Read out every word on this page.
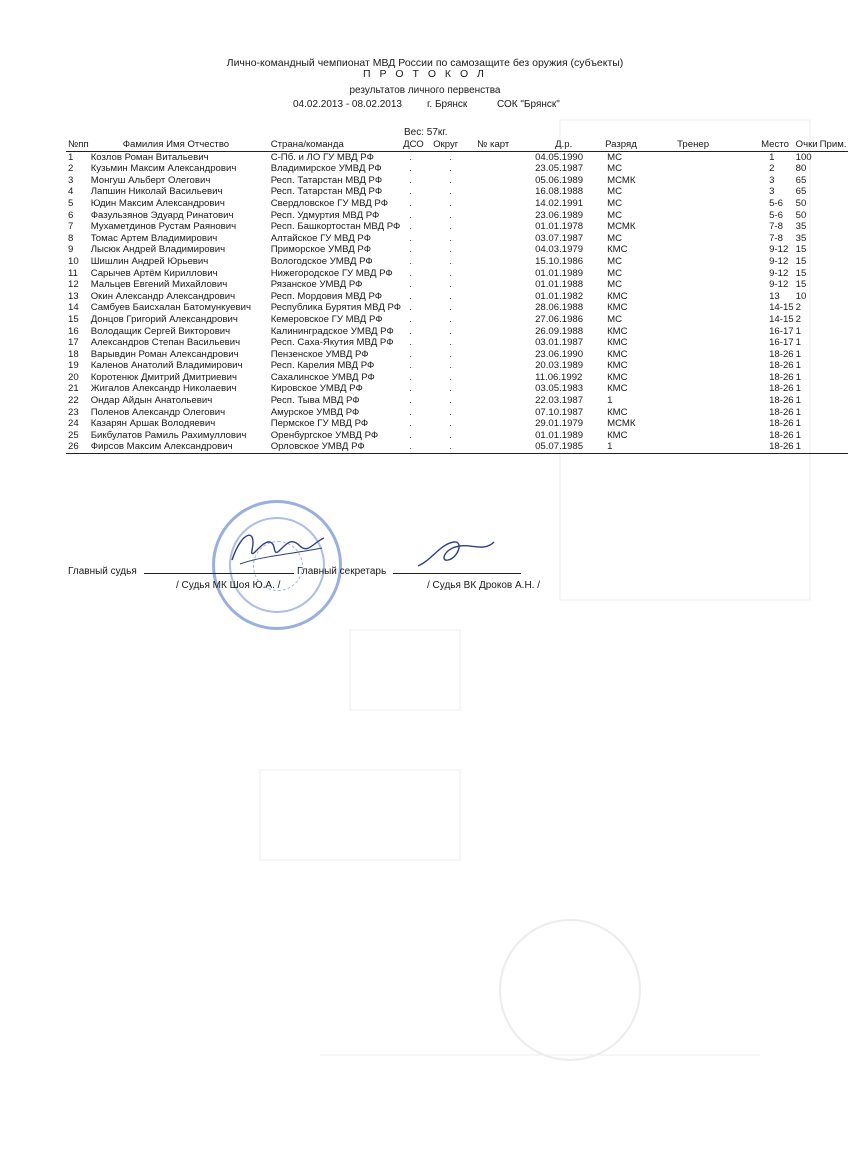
Лично-командный чемпионат МВД России по самозащите без оружия (субъекты)
П Р О Т О К О Л
результатов личного первенства
04.02.2013 - 08.02.2013	г. Брянск	СОК "Брянск"
Вес: 57кг.
№пп	Фамилия Имя Отчество	Страна/команда	ДСО	Округ	№ карт	Д.р.	Разряд	Тренер	Место	Очки	Прим.
1	Козлов Роман Витальевич	С-Пб. и ЛО ГУ МВД РФ	.	.		04.05.1990	МС		1	100	
2	Кузьмин Максим Александрович	Владимирское УМВД РФ	.	.		23.05.1987	МС		2	80	
3	Монгуш Альберт Олегович	Респ. Татарстан МВД РФ	.	.		05.06.1989	МСМК		3	65	
4	Лапшин Николай Васильевич	Респ. Татарстан МВД РФ	.	.		16.08.1988	МС		3	65	
5	Юдин Максим Александрович	Свердловское ГУ МВД РФ	.	.		14.02.1991	МС		5-6	50	
6	Фазульзянов Эдуард Ринатович	Респ. Удмуртия МВД РФ	.	.		23.06.1989	МС		5-6	50	
7	Мухаметдинов Рустам Раянович	Респ. Башкортостан МВД РФ	.	.		01.01.1978	МСМК		7-8	35	
8	Томас Артем Владимирович	Алтайское ГУ МВД РФ	.	.		03.07.1987	МС		7-8	35	
9	Лысюк Андрей Владимирович	Приморское УМВД РФ	.	.		04.03.1979	КМС		9-12	15	
10	Шишлин Андрей Юрьевич	Вологодское УМВД РФ	.	.		15.10.1986	МС		9-12	15	
11	Сарычев Артём Кириллович	Нижегородское ГУ МВД РФ	.	.		01.01.1989	МС		9-12	15	
12	Мальцев Евгений Михайлович	Рязанское УМВД РФ	.	.		01.01.1988	МС		9-12	15	
13	Окин Александр Александрович	Респ. Мордовия МВД РФ	.	.		01.01.1982	КМС		13	10	
14	Самбуев Баисхалан Батомункуевич	Республика Бурятия МВД РФ	.	.		28.06.1988	КМС		14-15	2	
15	Донцов Григорий Александрович	Кемеровское ГУ МВД РФ	.	.		27.06.1986	МС		14-15	2	
16	Володащик Сергей Викторович	Калининградское УМВД РФ	.	.		26.09.1988	КМС		16-17	1	
17	Александров Степан Васильевич	Респ. Саха-Якутия МВД РФ	.	.		03.01.1987	КМС		16-17	1	
18	Варывдин Роман Александрович	Пензенское УМВД РФ	.	.		23.06.1990	КМС		18-26	1	
19	Каленов Анатолий Владимирович	Респ. Карелия МВД РФ	.	.		20.03.1989	КМС		18-26	1	
20	Коротенюк Дмитрий Дмитриевич	Сахалинское УМВД РФ	.	.		11.06.1992	КМС		18-26	1	
21	Жигалов Александр Николаевич	Кировское УМВД РФ	.	.		03.05.1983	КМС		18-26	1	
22	Ондар Айдын Анатольевич	Респ. Тыва МВД РФ	.	.		22.03.1987	1		18-26	1	
23	Поленов Александр Олегович	Амурское УМВД РФ	.	.		07.10.1987	КМС		18-26	1	
24	Казарян Аршак Володяевич	Пермское ГУ МВД РФ	.	.		29.01.1979	МСМК		18-26	1	
25	Бикбулатов Рамиль Рахимуллович	Оренбургское УМВД РФ	.	.		01.01.1989	КМС		18-26	1	
26	Фирсов Максим Александрович	Орловское УМВД РФ	.	.		05.07.1985	1		18-26	1	
Главный судья	Главный секретарь
/ Судья МК Шоя Ю.А. /	/ Судья ВК Дроков А.Н. /
